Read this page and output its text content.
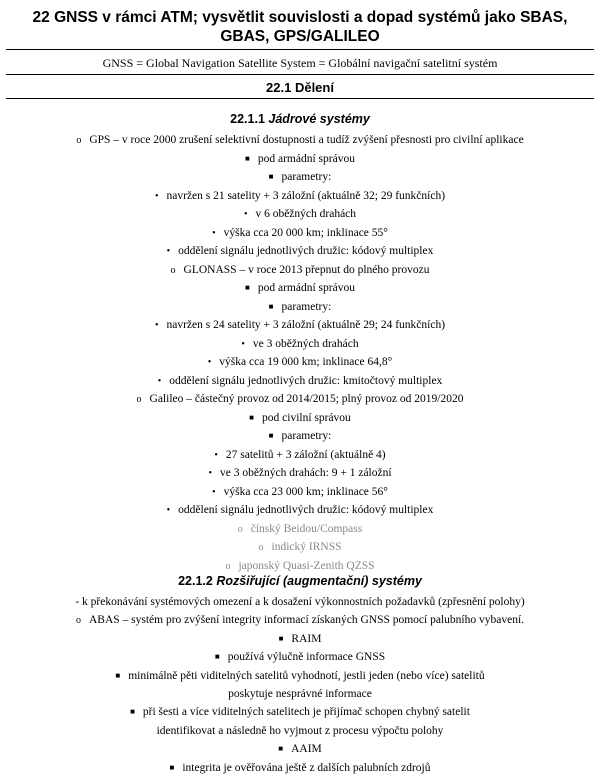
22 GNSS v rámci ATM; vysvětlit souvislosti a dopad systémů jako SBAS,
GBAS, GPS/GALILEO
GNSS = Global Navigation Satellite System = Globální navigační satelitní systém
22.1 Dělení
22.1.1 Jádrové systémy
o GPS – v roce 2000 zrušení selektivní dostupnosti a tudíž zvýšení přesnosti pro civilní aplikace
■ pod armádní správou
■ parametry:
• navržen s 21 satelity + 3 záložní (aktuálně 32; 29 funkčních)
• v 6 oběžných drahách
• výška cca 20 000 km; inklinace 55°
• oddělení signálu jednotlivých družic: kódový multiplex
o GLONASS – v roce 2013 přepnut do plného provozu
■ pod armádní správou
■ parametry:
• navržen s 24 satelity + 3 záložní (aktuálně 29; 24 funkčních)
• ve 3 oběžných drahách
• výška cca 19 000 km; inklinace 64,8°
• oddělení signálu jednotlivých družic: kmitočtový multiplex
o Galileo – částečný provoz od 2014/2015; plný provoz od 2019/2020
■ pod civilní správou
■ parametry:
• 27 satelitů + 3 záložní (aktuálně 4)
• ve 3 oběžných drahách: 9 + 1 záložní
• výška cca 23 000 km; inklinace 56°
• oddělení signálu jednotlivých družic: kódový multiplex
o čínský Beidou/Compass
o indický IRNSS
o japonský Quasi-Zenith QZSS
22.1.2 Rozšiřující (augmentační) systémy
- k překonávání systémových omezení a k dosažení výkonnostních požadavků (zpřesnění polohy)
o ABAS – systém pro zvýšení integrity informací získaných GNSS pomocí palubního vybavení.
■ RAIM
■ používá výlučně informace GNSS
■ minimálně pěti viditelných satelitů vyhodnotí, jestli jeden (nebo více) satelitů
poskytuje nesprávné informace
■ při šesti a více viditelných satelitech je přijímač schopen chybný satelit
identifikovat a následně ho vyjmout z procesu výpočtu polohy
■ AAIM
■ integrita je ověřována ještě z dalších palubních zdrojů
